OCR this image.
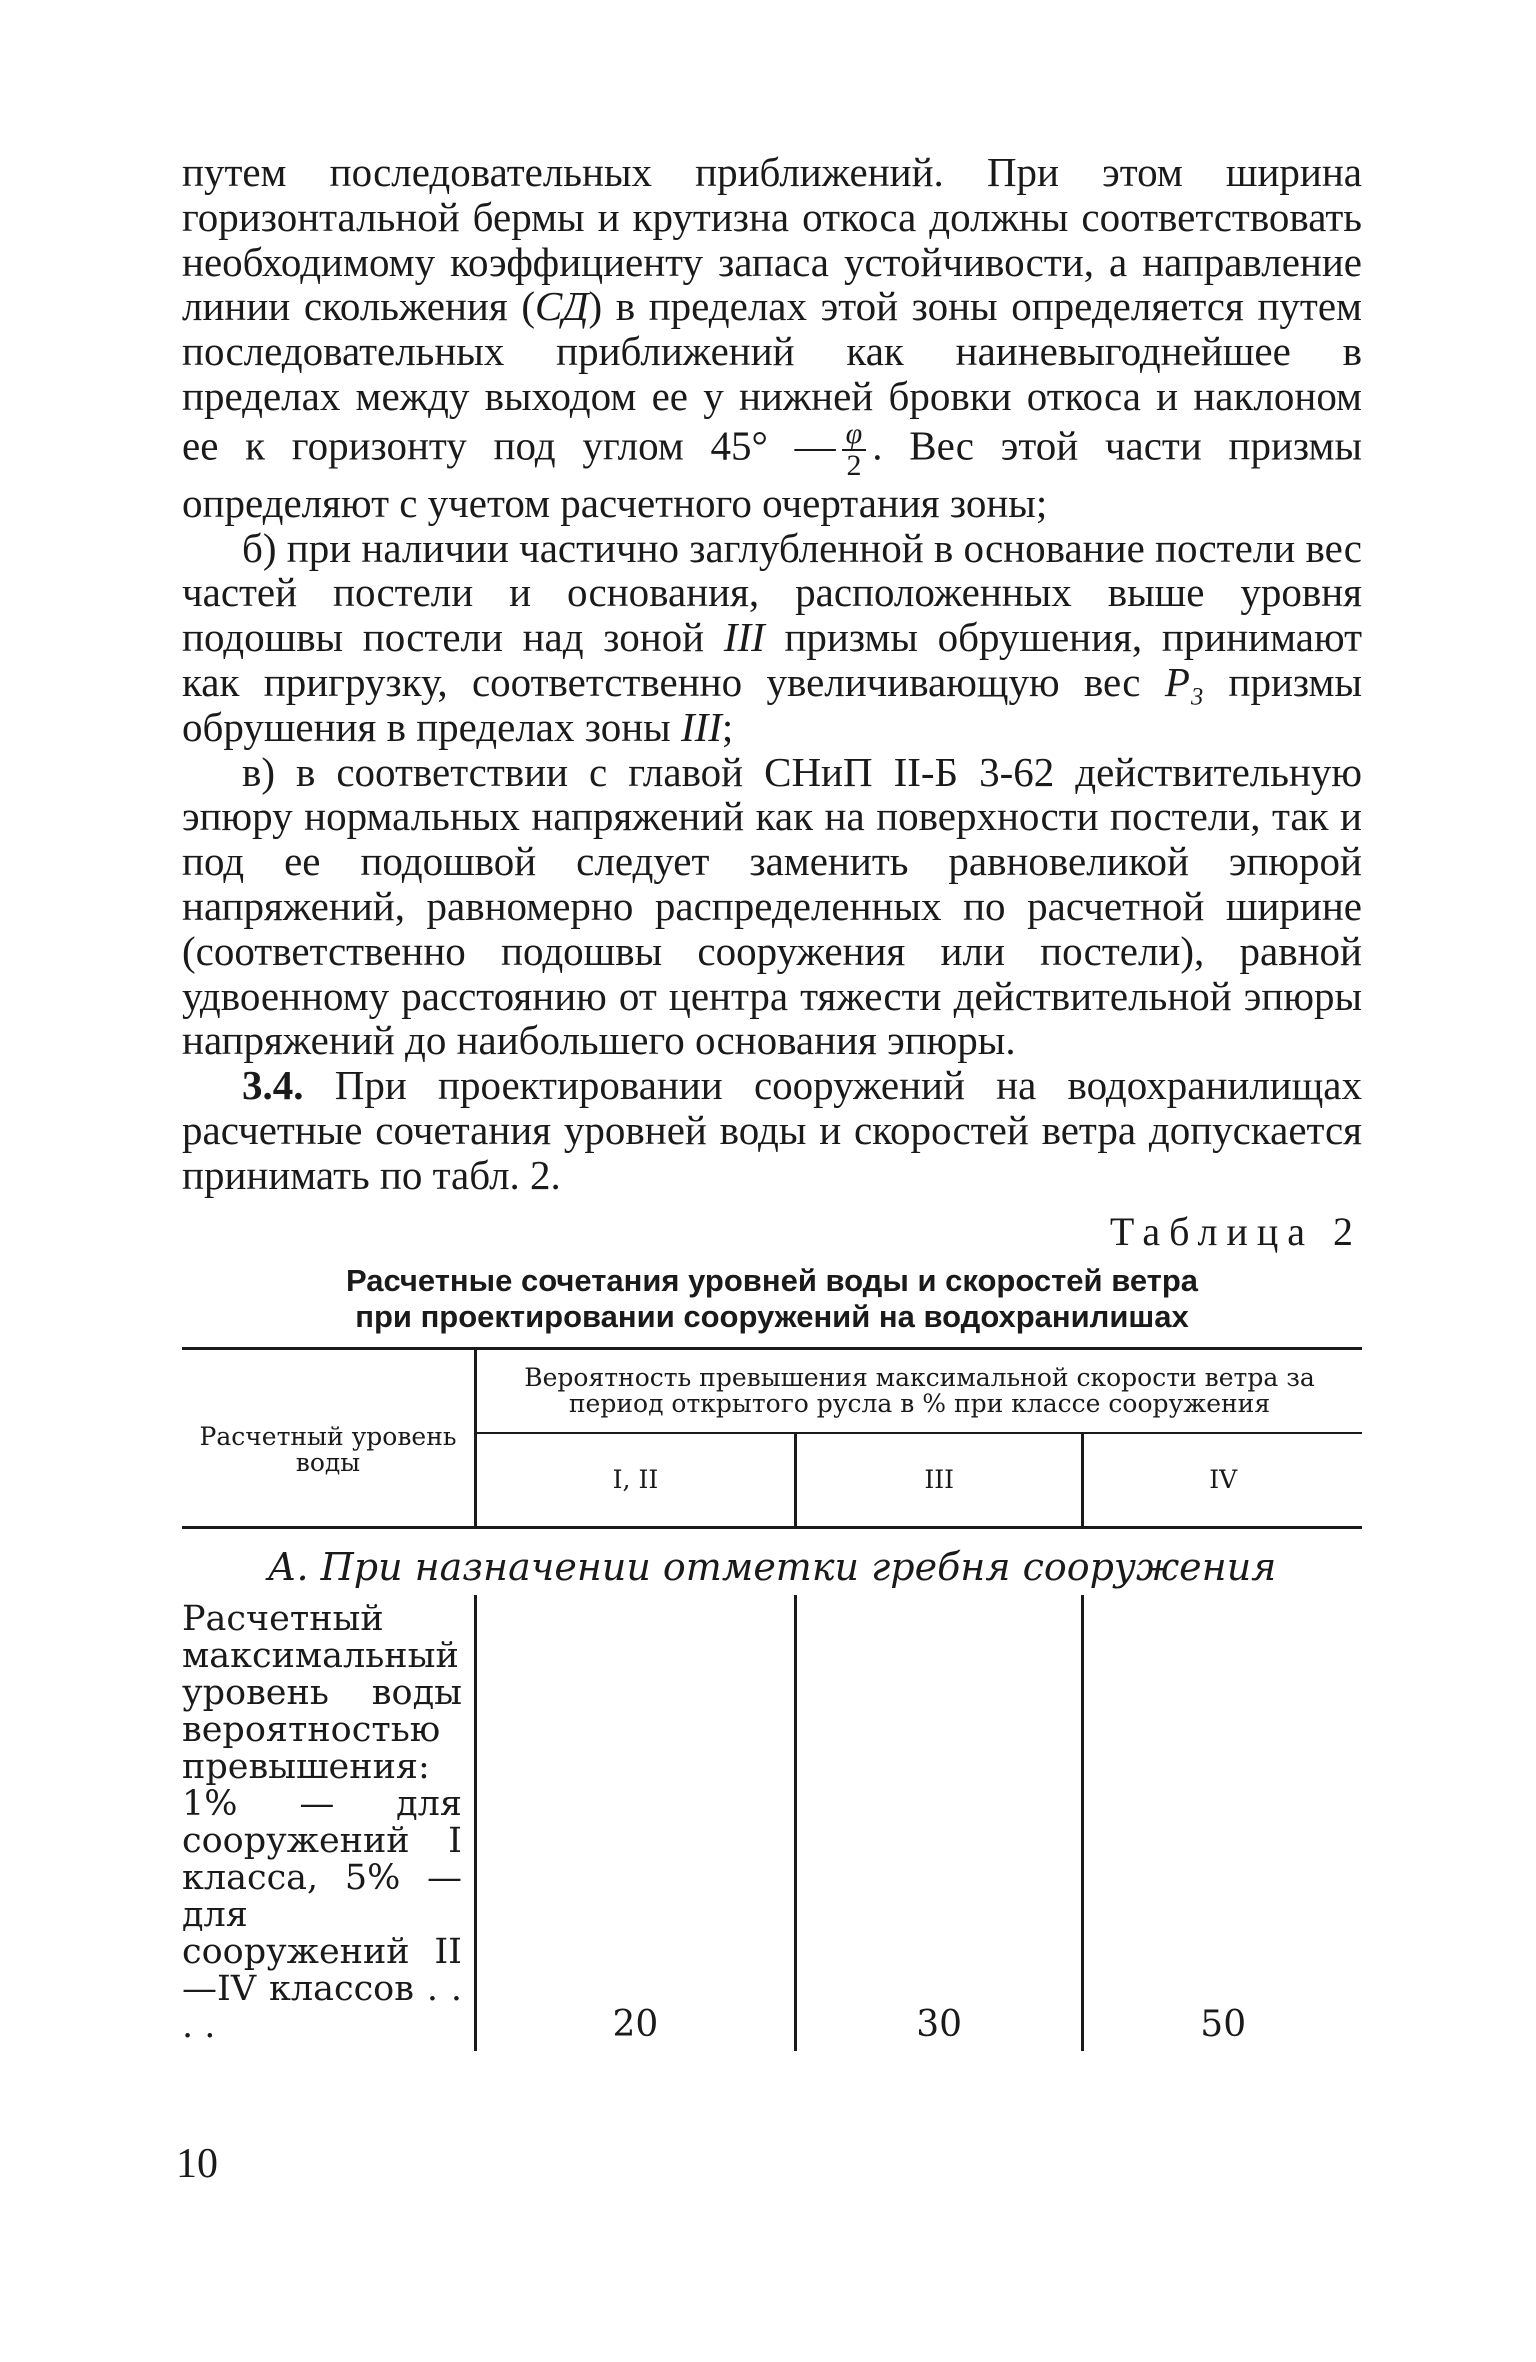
путем последовательных приближений. При этом ширина горизонтальной бермы и крутизна откоса должны соответствовать необходимому коэффициенту запаса устойчивости, а направление линии скольжения (СД) в пределах этой зоны определяется путем последовательных приближений как наиневыгоднейшее в пределах между выходом ее у нижней бровки откоса и наклоном ее к горизонту под углом 45° — $\frac{\varphi}{2}$ . Вес этой части призмы определяют с учетом расчетного очертания зоны;

б) при наличии частично заглубленной в основание постели вес частей постели и основания, расположенных выше уровня подошвы постели над зоной III призмы обрушения, принимают как пригрузку, соответственно увеличивающую вес P₃ призмы обрушения в пределах зоны III;

в) в соответствии с главой СНиП II-Б 3-62 действительную эпюру нормальных напряжений как на поверхности постели, так и под ее подошвой следует заменить равновеликой эпюрой напряжений, равномерно распределенных по расчетной ширине (соответственно подошвы сооружения или постели), равной удвоенному расстоянию от центра тяжести действительной эпюры напряжений до наибольшего основания эпюры.

3.4. При проектировании сооружений на водохранилищах расчетные сочетания уровней воды и скоростей ветра допускается принимать по табл. 2.

Таблица 2
Расчетные сочетания уровней воды и скоростей ветра
при проектировании сооружений на водохранилишах
Расчетный уровень воды	Вероятность превышения максимальной скорости ветра за период открытого русла в % при классе сооружения		
	I, II	III	IV
А. При назначении отметки гребня сооружения			
Расчетный максимальный уровень воды вероятностью превышения: 1% — для сооружений I класса, 5% — для сооружений II—IV классов . . . .	20	30	50
10
